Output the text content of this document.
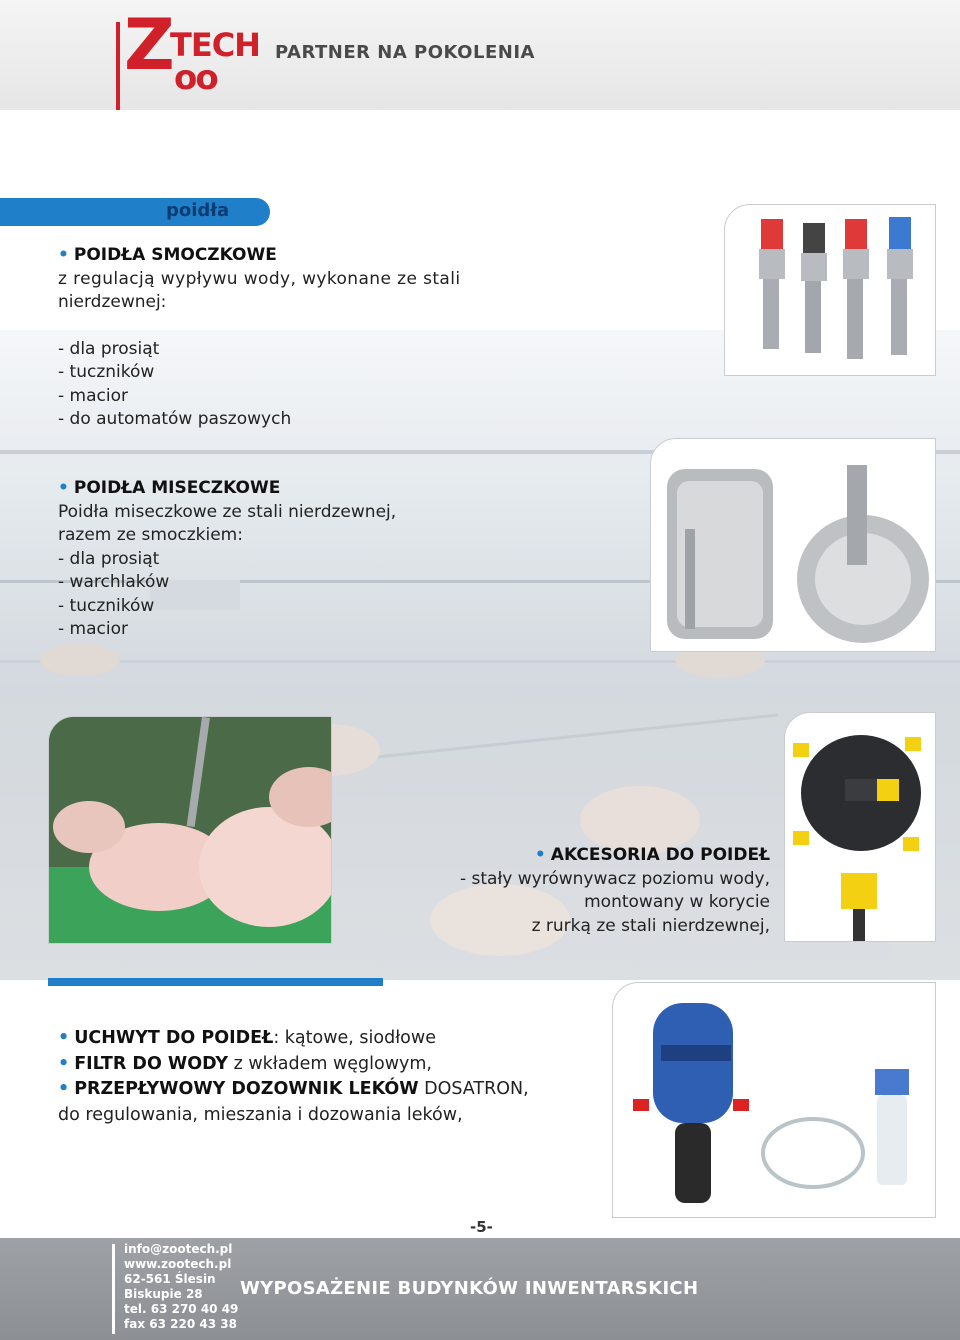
Z TECH
oo
PARTNER NA POKOLENIA
poidła
• POIDŁA SMOCZKOWE
z regulacją wypływu wody, wykonane ze stali
nierdzewnej:
- dla prosiąt
- tuczników
- macior
- do automatów paszowych
• POIDŁA MISECZKOWE
Poidła miseczkowe ze stali nierdzewnej,
razem ze smoczkiem:
- dla prosiąt
- warchlaków
- tuczników
- macior
• AKCESORIA DO POIDEŁ
- stały wyrównywacz poziomu wody,
montowany w korycie
z rurką ze stali nierdzewnej,
• UCHWYT DO POIDEŁ: kątowe, siodłowe
• FILTR DO WODY z wkładem węglowym,
• PRZEPŁYWOWY DOZOWNIK LEKÓW DOSATRON,
do regulowania, mieszania i dozowania leków,
-5-
info@zootech.pl
www.zootech.pl
62-561 Ślesin
Biskupie 28
tel. 63 270 40 49
fax 63 220 43 38
WYPOSAŻENIE BUDYNKÓW INWENTARSKICH
